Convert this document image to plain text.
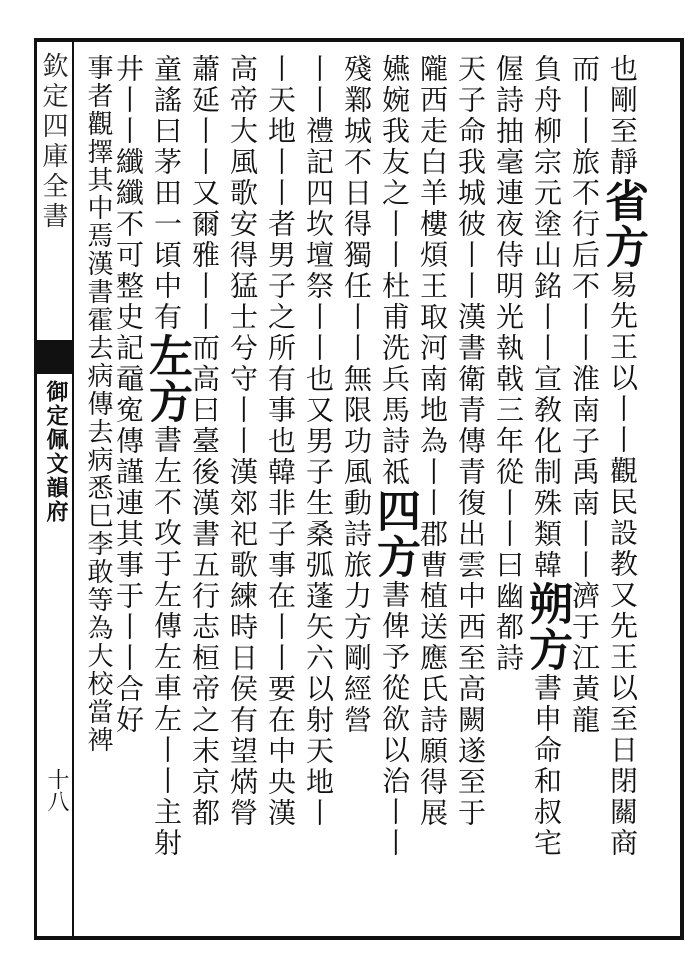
欽定四庫全書
御定佩文韻府
十八
也剛至靜省方易先王以丨丨觀民設教又先王以至日閉關商
而丨丨旅不行后不丨丨淮南子禹南丨丨濟于江黃龍
負舟柳宗元塗山銘丨丨宣敎化制殊類韓朔方書申命和叔宅
偓詩抽毫連夜侍明光執戟三年從丨丨曰幽都詩
天子命我城彼丨丨漢書衛青傳青復出雲中西至高闕遂至于
隴西走白羊樓煩王取河南地為丨丨郡曹植送應氏詩願得展
嬿婉我友之丨丨杜甫洗兵馬詩祗四方書俾予從欲以治丨丨
殘鄴城不日得獨任丨丨無限功風動詩旅力方剛經營
丨丨禮記四坎壇祭丨丨也又男子生桑弧蓬矢六以射天地丨
丨天地丨丨者男子之所有事也韓非子事在丨丨要在中央漢
高帝大風歌安得猛士兮守丨丨漢郊祀歌練時日侯有望焫膋
蕭延丨丨又爾雅丨丨而高曰臺後漢書五行志桓帝之末京都
童謠曰茅田一頃中有左方書左不攻于左傳左車左丨丨主射
井丨丨纖纖不可整史記黿寃傳謹連其事于丨丨合好
事者觀擇其中焉漢書霍去病傳去病悉巳李敢等為大校當裨
